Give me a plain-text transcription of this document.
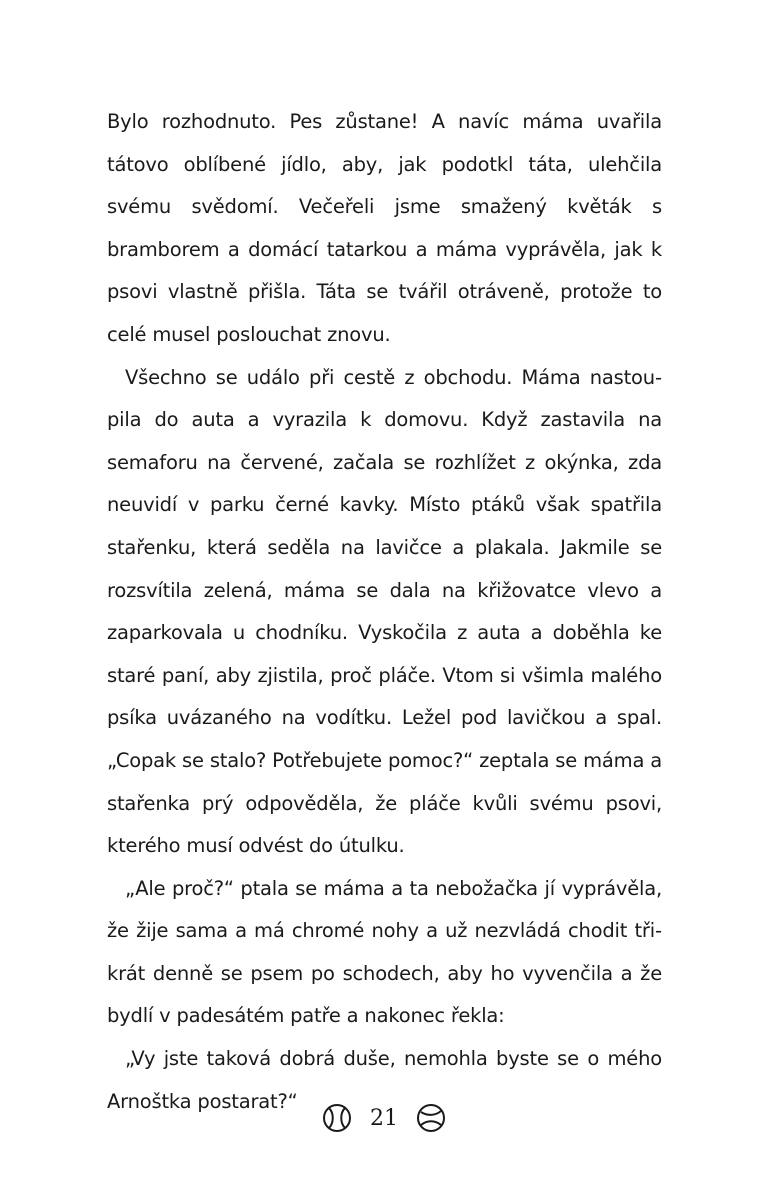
Bylo rozhodnuto. Pes zůstane! A navíc máma uvařila tátovo oblíbené jídlo, aby, jak podotkl táta, ulehčila svému svědomí. Večeřeli jsme smažený květák s bramborem a domácí tatarkou a máma vyprávěla, jak k psovi vlastně přišla. Táta se tvářil otráveně, protože to celé musel poslouchat znovu.

Všechno se událo při cestě z obchodu. Máma nastoupila do auta a vyrazila k domovu. Když zastavila na semaforu na červené, začala se rozhlížet z okýnka, zda neuvidí v parku černé kavky. Místo ptáků však spatřila stařenku, která seděla na lavičce a plakala. Jakmile se rozsvítila zelená, máma se dala na křižovatce vlevo a zaparkovala u chodníku. Vyskočila z auta a doběhla ke staré paní, aby zjistila, proč pláče. Vtom si všimla malého psíka uvázaného na vodítku. Ležel pod lavičkou a spal. „Copak se stalo? Potřebujete pomoc?“ zeptala se máma a stařenka prý odpověděla, že pláče kvůli svému psovi, kterého musí odvést do útulku.

„Ale proč?“ ptala se máma a ta nebožačka jí vyprávěla, že žije sama a má chromé nohy a už nezvládá chodit třikrát denně se psem po schodech, aby ho vyvenčila a že bydlí v padesátém patře a nakonec řekla:

„Vy jste taková dobrá duše, nemohla byste se o mého Arnoštka postarat?“

21
